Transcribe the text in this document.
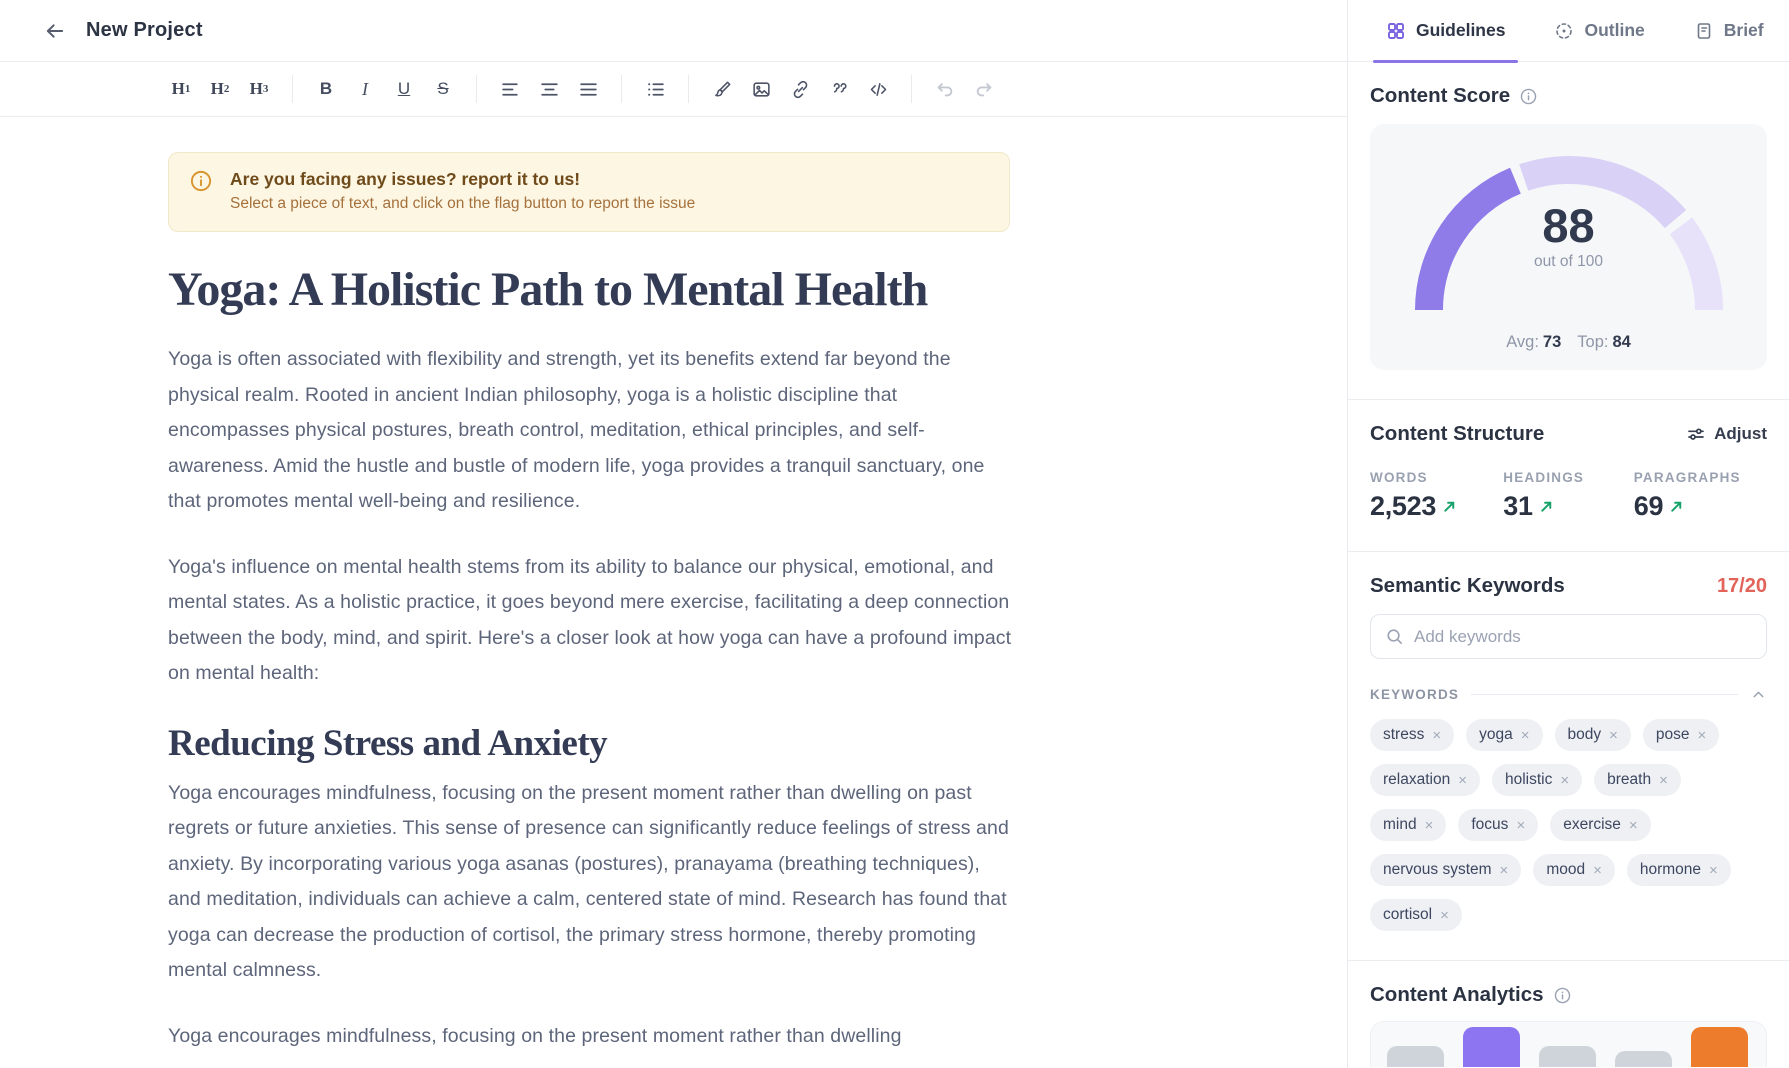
New Project
H 1 H 2 H 3	B	I	U	S
Are you facing any issues? report it to us!
Select a piece of text, and click on the flag button to report the issue
Yoga: A Holistic Path to Mental Health

Yoga is often associated with flexibility and strength, yet its benefits extend far beyond the physical realm. Rooted in ancient Indian philosophy, yoga is a holistic discipline that encompasses physical postures, breath control, meditation, ethical principles, and self-awareness. Amid the hustle and bustle of modern life, yoga provides a tranquil sanctuary, one that promotes mental well-being and resilience.

Yoga's influence on mental health stems from its ability to balance our physical, emotional, and mental states. As a holistic practice, it goes beyond mere exercise, facilitating a deep connection between the body, mind, and spirit. Here's a closer look at how yoga can have a profound impact on mental health:

Reducing Stress and Anxiety

Yoga encourages mindfulness, focusing on the present moment rather than dwelling on past regrets or future anxieties. This sense of presence can significantly reduce feelings of stress and anxiety. By incorporating various yoga asanas (postures), pranayama (breathing techniques), and meditation, individuals can achieve a calm, centered state of mind. Research has found that yoga can decrease the production of cortisol, the primary stress hormone, thereby promoting mental calmness.

Yoga encourages mindfulness, focusing on the present moment rather than dwelling

Guidelines	Outline	Brief
Content Score
88
out of 100
Avg: 73 Top: 84
Content Structure	Adjust
WORDS
2,523
HEADINGS
31
PARAGRAPHS
69
Semantic Keywords	17/20
Add keywords
KEYWORDS
stress × yoga × body × pose ×
relaxation × holistic × breath ×
mind × focus × exercise ×
nervous system × mood × hormone ×
cortisol ×
Content Analytics
